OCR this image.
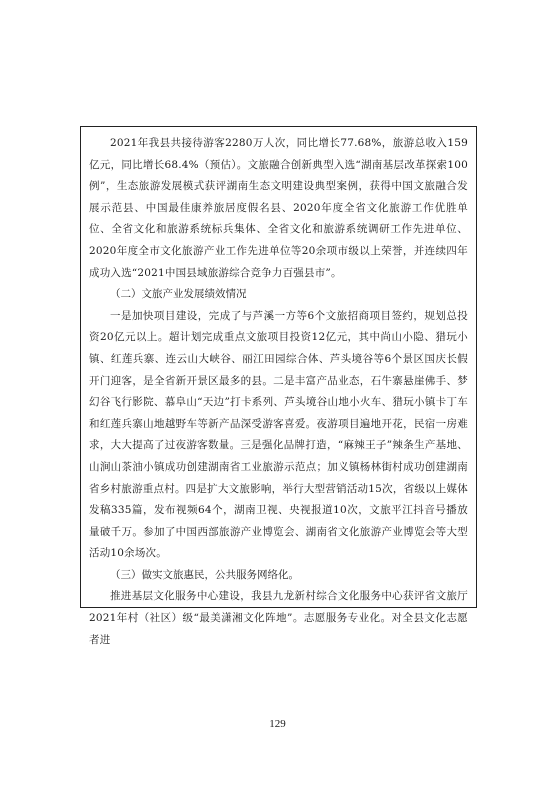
2021年我县共接待游客2280万人次，同比增长77.68%，旅游总收入159亿元，同比增长68.4%（预估）。文旅融合创新典型入选“湖南基层改革探索100例”，生态旅游发展模式获评湖南生态文明建设典型案例，获得中国文旅融合发展示范县、中国最佳康养旅居度假名县、2020年度全省文化旅游工作优胜单位、全省文化和旅游系统标兵集体、全省文化和旅游系统调研工作先进单位、2020年度全市文化旅游产业工作先进单位等20余项市级以上荣誉，并连续四年成功入选“2021中国县域旅游综合竞争力百强县市”。

（二）文旅产业发展绩效情况

一是加快项目建设，完成了与芦溪一方等6个文旅招商项目签约，规划总投资20亿元以上。超计划完成重点文旅项目投资12亿元，其中尚山小隐、猎玩小镇、红莲兵寨、连云山大峡谷、丽江田园综合体、芦头境谷等6个景区国庆长假开门迎客，是全省新开景区最多的县。二是丰富产品业态，石牛寨悬崖佛手、梦幻谷飞行影院、慕阜山“天边”打卡系列、芦头境谷山地小火车、猎玩小镇卡丁车和红莲兵寨山地越野车等新产品深受游客喜爱。夜游项目遍地开花，民宿一房难求，大大提高了过夜游客数量。三是强化品牌打造，“麻辣王子”辣条生产基地、山涧山茶油小镇成功创建湖南省工业旅游示范点；加义镇杨林街村成功创建湖南省乡村旅游重点村。四是扩大文旅影响，举行大型营销活动15次，省级以上媒体发稿335篇，发布视频64个，湖南卫视、央视报道10次，文旅平江抖音号播放量破千万。参加了中国西部旅游产业博览会、湖南省文化旅游产业博览会等大型活动10余场次。

（三）做实文旅惠民，公共服务网络化。

推进基层文化服务中心建设，我县九龙新村综合文化服务中心获评省文旅厅2021年村（社区）级“最美潇湘文化阵地”。志愿服务专业化。对全县文化志愿者进

129
